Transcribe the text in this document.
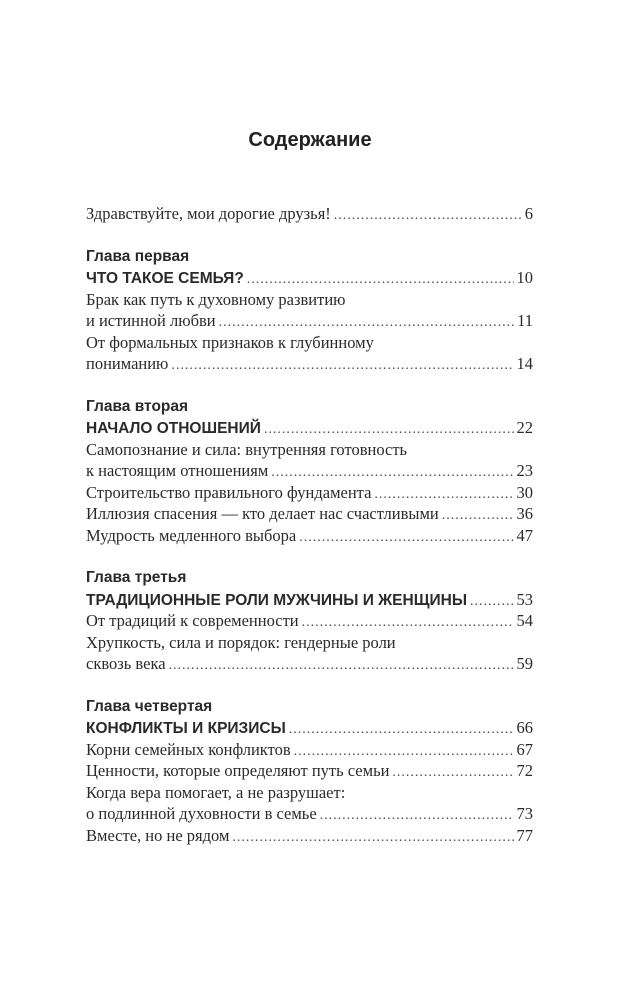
Содержание
Здравствуйте, мои дорогие друзья! .....	6
Глава первая
ЧТО ТАКОЕ СЕМЬЯ? .....	10
Брак как путь к духовному развитию
и истинной любви .....	11
От формальных признаков к глубинному
пониманию .....	14
Глава вторая
НАЧАЛО ОТНОШЕНИЙ .....	22
Самопознание и сила: внутренняя готовность
к настоящим отношениям .....	23
Строительство правильного фундамента .....	30
Иллюзия спасения — кто делает нас счастливыми .....	36
Мудрость медленного выбора .....	47
Глава третья
ТРАДИЦИОННЫЕ РОЛИ МУЖЧИНЫ И ЖЕНЩИНЫ .....	53
От традиций к современности .....	54
Хрупкость, сила и порядок: гендерные роли
сквозь века .....	59
Глава четвертая
КОНФЛИКТЫ И КРИЗИСЫ .....	66
Корни семейных конфликтов .....	67
Ценности, которые определяют путь семьи .....	72
Когда вера помогает, а не разрушает:
о подлинной духовности в семье .....	73
Вместе, но не рядом .....	77
